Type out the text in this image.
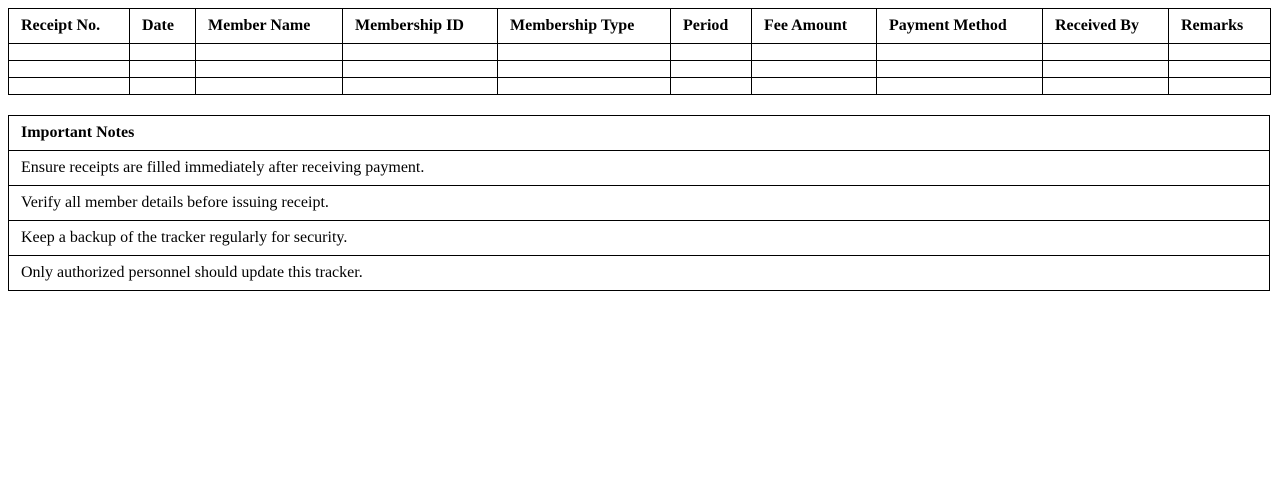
Receipt No.	Date	Member Name	Membership ID	Membership Type	Period	Fee Amount	Payment Method	Received By	Remarks

Important Notes
Ensure receipts are filled immediately after receiving payment.
Verify all member details before issuing receipt.
Keep a backup of the tracker regularly for security.
Only authorized personnel should update this tracker.
